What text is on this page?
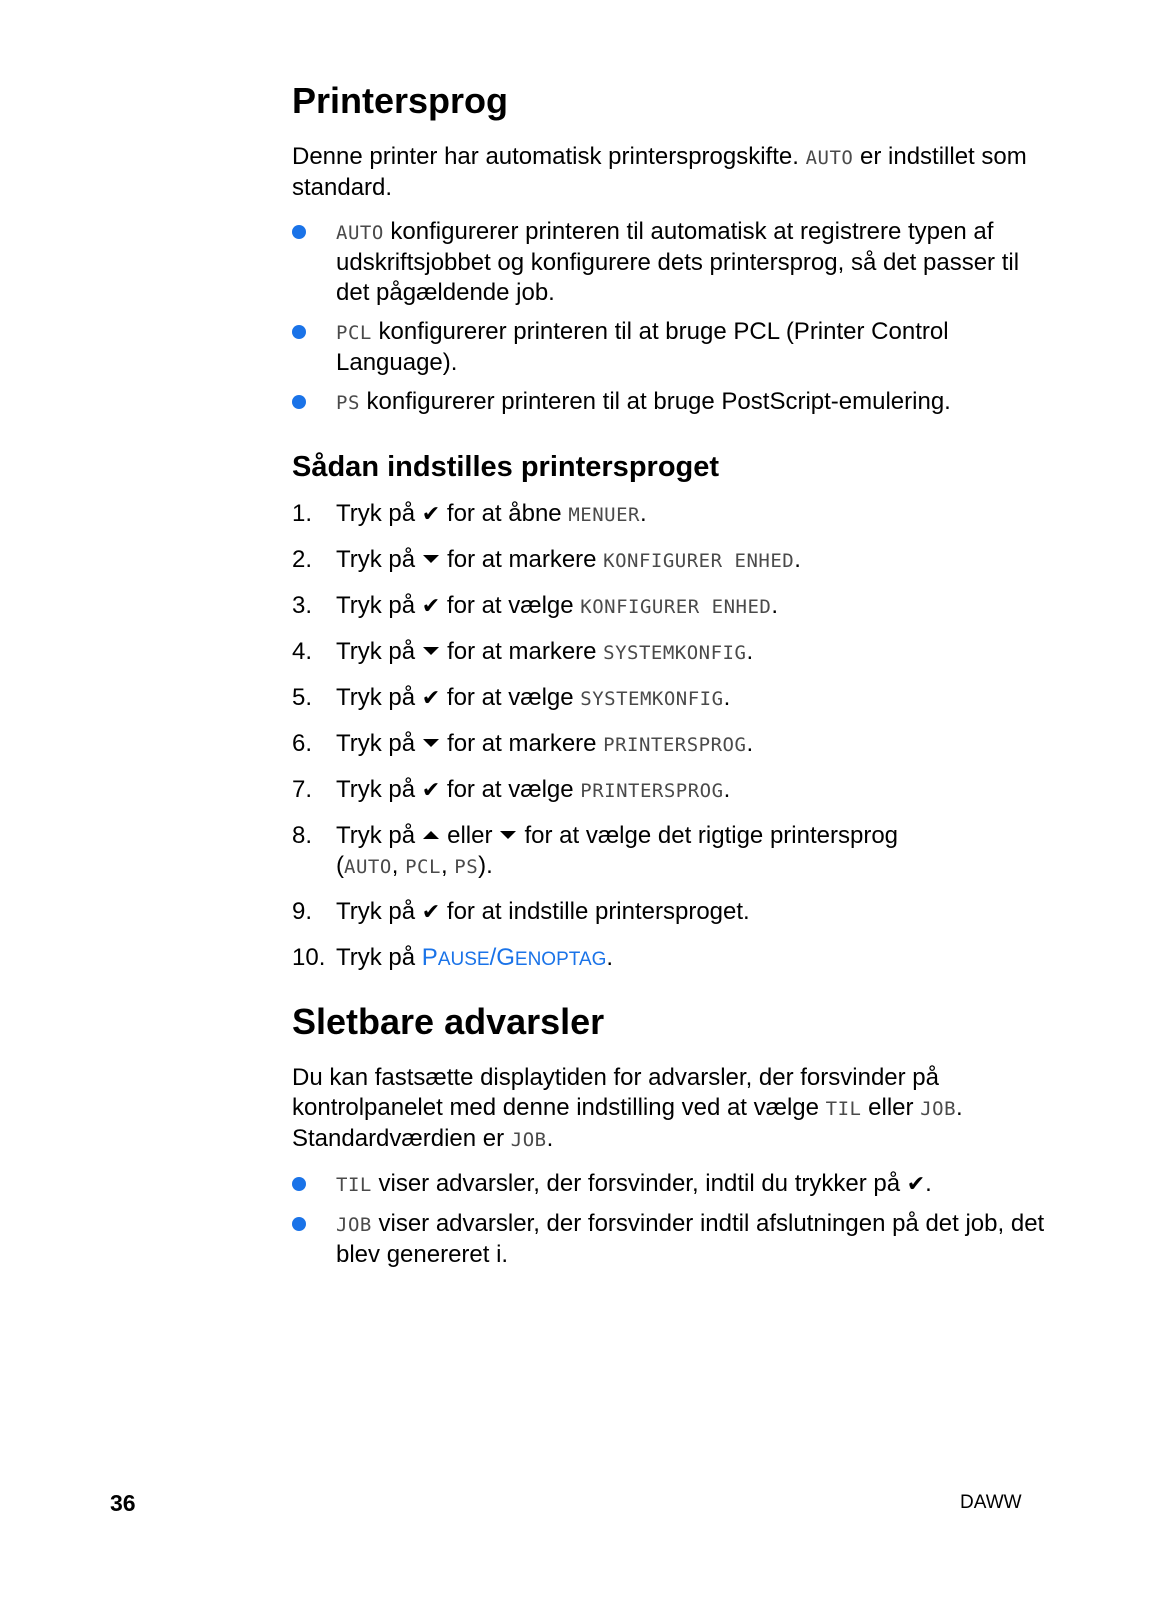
Printersprog

Denne printer har automatisk printersprogskifte. AUTO er indstillet som standard.

AUTO konfigurerer printeren til automatisk at registrere typen af udskriftsjobbet og konfigurere dets printersprog, så det passer til det pågældende job.
PCL konfigurerer printeren til at bruge PCL (Printer Control Language).
PS konfigurerer printeren til at bruge PostScript-emulering.
Sådan indstilles printersproget
1. Tryk på ✔ for at åbne MENUER.
2. Tryk på for at markere KONFIGURER ENHED.
3. Tryk på ✔ for at vælge KONFIGURER ENHED.
4. Tryk på for at markere SYSTEMKONFIG.
5. Tryk på ✔ for at vælge SYSTEMKONFIG.
6. Tryk på for at markere PRINTERSPROG.
7. Tryk på ✔ for at vælge PRINTERSPROG.
8. Tryk på eller for at vælge det rigtige printersprog
(AUTO, PCL, PS).
9. Tryk på ✔ for at indstille printersproget.
10. Tryk på PAUSE/GENOPTAG.
Sletbare advarsler

Du kan fastsætte displaytiden for advarsler, der forsvinder på kontrolpanelet med denne indstilling ved at vælge TIL eller JOB. Standardværdien er JOB.

TIL viser advarsler, der forsvinder, indtil du trykker på ✔.
JOB viser advarsler, der forsvinder indtil afslutningen på det job, det blev genereret i.
36	DAWW
